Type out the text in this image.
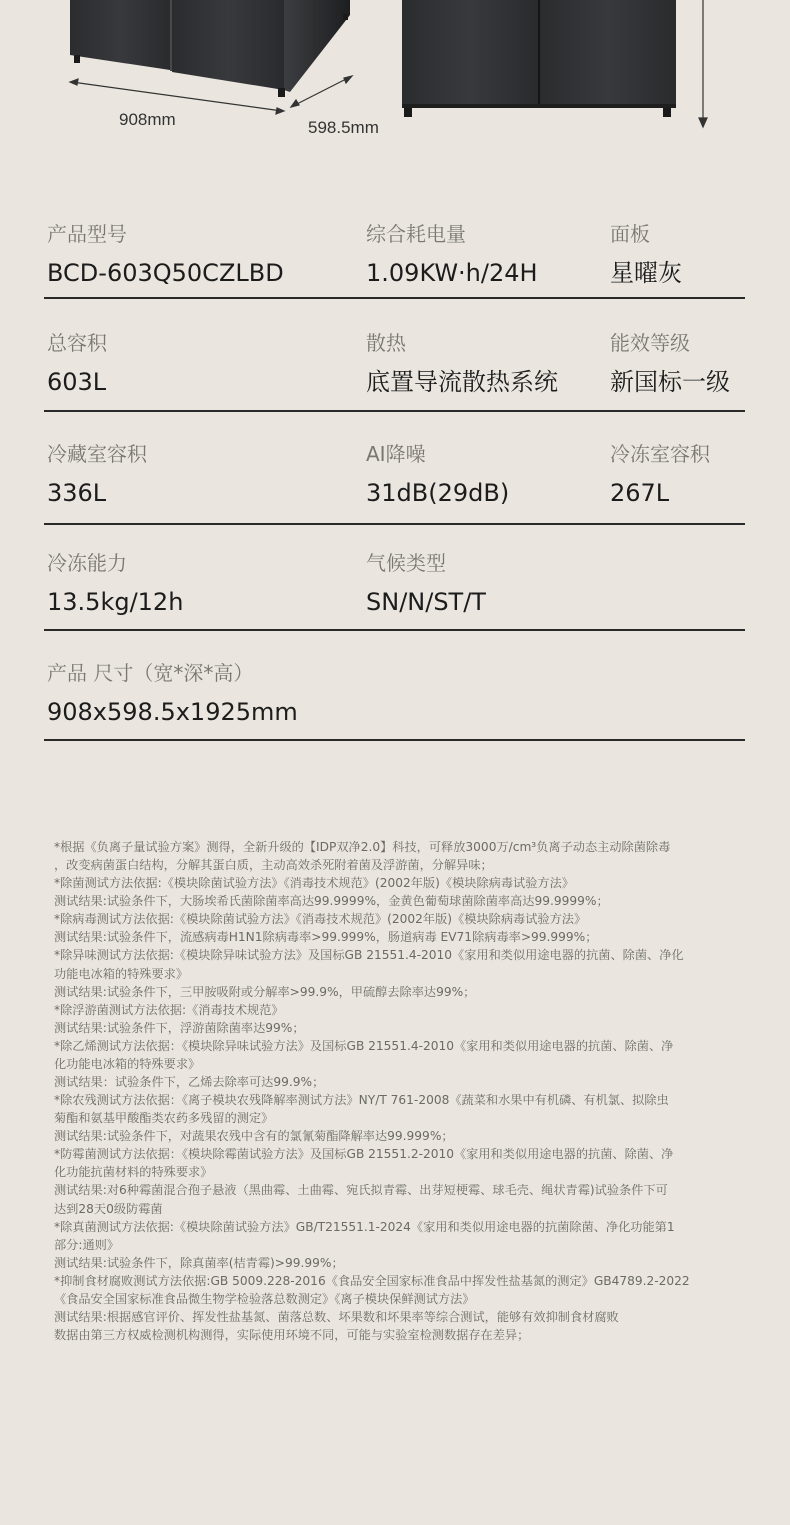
908mm	598.5mm
产品型号
BCD-603Q50CZLBD
综合耗电量
1.09KW·h/24H
面板
星曜灰
总容积
603L
散热
底置导流散热系统
能效等级
新国标一级
冷藏室容积
336L
AI降噪
31dB(29dB)
冷冻室容积
267L
冷冻能力
13.5kg/12h
气候类型
SN/N/ST/T
产品 尺寸（宽*深*高）
908x598.5x1925mm

*根据《负离子量试验方案》测得，全新升级的【IDP双净2.0】科技，可释放3000万/cm³负离子动态主动除菌除毒

，改变病菌蛋白结构，分解其蛋白质，主动高效杀死附着菌及浮游菌，分解异味；

*除菌测试方法依据:《模块除菌试验方法》《消毒技术规范》(2002年版)《模块除病毒试验方法》

测试结果:试验条件下，大肠埃希氏菌除菌率高达99.9999%，金黄色葡萄球菌除菌率高达99.9999%；

*除病毒测试方法依据:《模块除菌试验方法》《消毒技术规范》(2002年版)《模块除病毒试验方法》

测试结果:试验条件下，流感病毒H1N1除病毒率>99.999%，肠道病毒 EV71除病毒率>99.999%；

*除异味测试方法依据:《模块除异味试验方法》及国标GB 21551.4-2010《家用和类似用途电器的抗菌、除菌、净化

功能电冰箱的特殊要求》

测试结果:试验条件下，三甲胺吸附或分解率>99.9%，甲硫醇去除率达99%；

*除浮游菌测试方法依据:《消毒技术规范》

测试结果:试验条件下，浮游菌除菌率达99%；

*除乙烯测试方法依据：《模块除异味试验方法》及国标GB 21551.4-2010《家用和类似用途电器的抗菌、除菌、净

化功能电冰箱的特殊要求》

测试结果：试验条件下，乙烯去除率可达99.9%；

*除农残测试方法依据：《离子模块农残降解率测试方法》NY/T 761-2008《蔬菜和水果中有机磷、有机氯、拟除虫

菊酯和氨基甲酸酯类农药多残留的测定》

测试结果:试验条件下，对蔬果农残中含有的氯氰菊酯降解率达99.999%；

*防霉菌测试方法依据：《模块除霉菌试验方法》及国标GB 21551.2-2010《家用和类似用途电器的抗菌、除菌、净

化功能抗菌材料的特殊要求》

测试结果:对6种霉菌混合孢子悬液（黑曲霉、土曲霉、宛氏拟青霉、出芽短梗霉、球毛壳、绳状青霉)试验条件下可

达到28天0级防霉菌

*除真菌测试方法依据:《模块除菌试验方法》GB/T21551.1-2024《家用和类似用途电器的抗菌除菌、净化功能第1

部分:通则》

测试结果:试验条件下，除真菌率(桔青霉)>99.99%；

*抑制食材腐败测试方法依据:GB 5009.228-2016《食品安全国家标准食品中挥发性盐基氮的测定》GB4789.2-2022

《食品安全国家标准食品微生物学检验落总数测定》《离子模块保鲜测试方法》

测试结果:根据感官评价、挥发性盐基氮、菌落总数、坏果数和坏果率等综合测试，能够有效抑制食材腐败

数据由第三方权威检测机构测得，实际使用环境不同，可能与实验室检测数据存在差异；
